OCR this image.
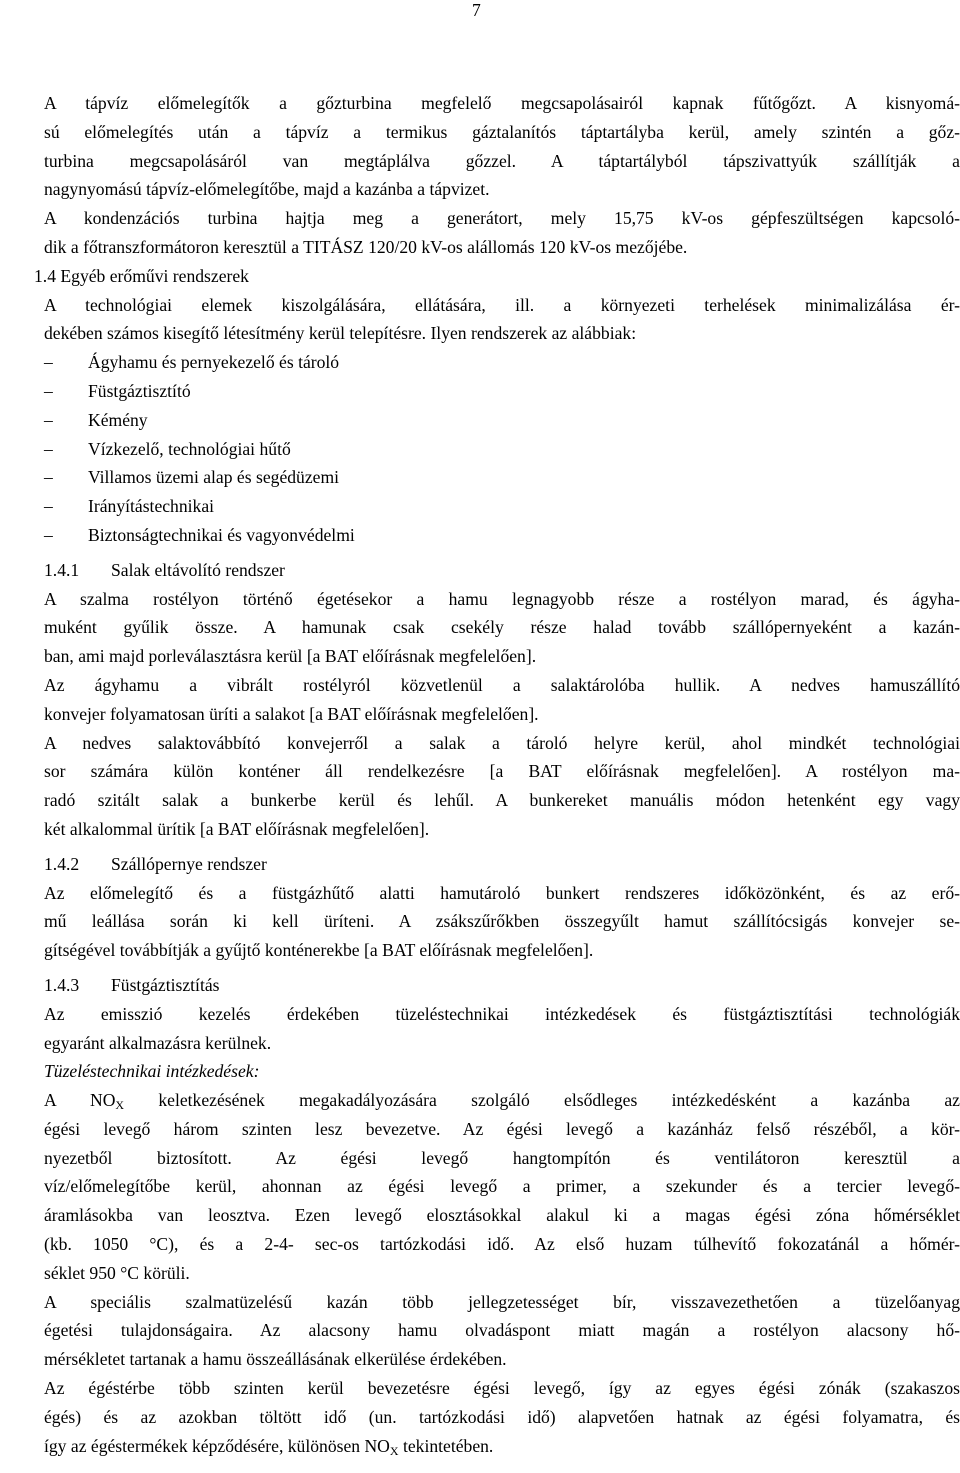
7
A tápvíz előmelegítők a gőzturbina megfelelő megcsapolásairól kapnak fűtőgőzt. A kisnyomá-
sú előmelegítés után a tápvíz a termikus gáztalanítós táptartályba kerül, amely szintén a gőz-
turbina megcsapolásáról van megtáplálva gőzzel. A táptartályból tápszivattyúk szállítják a
nagynyomású tápvíz-előmelegítőbe, majd a kazánba a tápvizet.
A kondenzációs turbina hajtja meg a generátort, mely 15,75 kV-os gépfeszültségen kapcsoló-
dik a főtranszformátoron keresztül a TITÁSZ 120/20 kV-os alállomás 120 kV-os mezőjébe.
1.4 Egyéb erőművi rendszerek
A technológiai elemek kiszolgálására, ellátására, ill. a környezeti terhelések minimalizálása ér-
dekében számos kisegítő létesítmény kerül telepítésre. Ilyen rendszerek az alábbiak:
–	Ágyhamu és pernyekezelő és tároló
–	Füstgáztisztító
–	Kémény
–	Vízkezelő, technológiai hűtő
–	Villamos üzemi alap és segédüzemi
–	Irányítástechnikai
–	Biztonságtechnikai és vagyonvédelmi
1.4.1	Salak eltávolító rendszer
A szalma rostélyon történő égetésekor a hamu legnagyobb része a rostélyon marad, és ágyha-
muként gyűlik össze. A hamunak csak csekély része halad tovább szállópernyeként a kazán-
ban, ami majd porleválasztásra kerül [a BAT előírásnak megfelelően].
Az ágyhamu a vibrált rostélyról közvetlenül a salaktárolóba hullik. A nedves hamuszállító
konvejer folyamatosan üríti a salakot [a BAT előírásnak megfelelően].
A nedves salaktovábbító konvejerről a salak a tároló helyre kerül, ahol mindkét technológiai
sor számára külön konténer áll rendelkezésre [a BAT előírásnak megfelelően]. A rostélyon ma-
radó szitált salak a bunkerbe kerül és lehűl. A bunkereket manuális módon hetenként egy vagy
két alkalommal ürítik [a BAT előírásnak megfelelően].
1.4.2	Szállópernye rendszer
Az előmelegítő és a füstgázhűtő alatti hamutároló bunkert rendszeres időközönként, és az erő-
mű leállása során ki kell üríteni. A zsákszűrőkben összegyűlt hamut szállítócsigás konvejer se-
gítségével továbbítják a gyűjtő konténerekbe [a BAT előírásnak megfelelően].
1.4.3	Füstgáztisztítás
Az emisszió kezelés érdekében tüzeléstechnikai intézkedések és füstgáztisztítási technológiák
egyaránt alkalmazásra kerülnek.
Tüzeléstechnikai intézkedések:
A $NO_X$ keletkezésének megakadályozására szolgáló elsődleges intézkedésként a kazánba az
égési levegő három szinten lesz bevezetve. Az égési levegő a kazánház felső részéből, a kör-
nyezetből biztosított. Az égési levegő hangtompítón és ventilátoron keresztül a
víz/előmelegítőbe kerül, ahonnan az égési levegő a primer, a szekunder és a tercier levegő-
áramlásokba van leosztva. Ezen levegő elosztásokkal alakul ki a magas égési zóna hőmérséklet
(kb. 1050 °C), és a 2-4- sec-os tartózkodási idő. Az első huzam túlhevítő fokozatánál a hőmér-
séklet 950 °C körüli.
A speciális szalmatüzelésű kazán több jellegzetességet bír, visszavezethetően a tüzelőanyag
égetési tulajdonságaira. Az alacsony hamu olvadáspont miatt magán a rostélyon alacsony hő-
mérsékletet tartanak a hamu összeállásának elkerülése érdekében.
Az égéstérbe több szinten kerül bevezetésre égési levegő, így az egyes égési zónák (szakaszos
égés) és az azokban töltött idő (un. tartózkodási idő) alapvetően hatnak az égési folyamatra, és
így az égéstermékek képződésére, különösen $NO_X$ tekintetében.
